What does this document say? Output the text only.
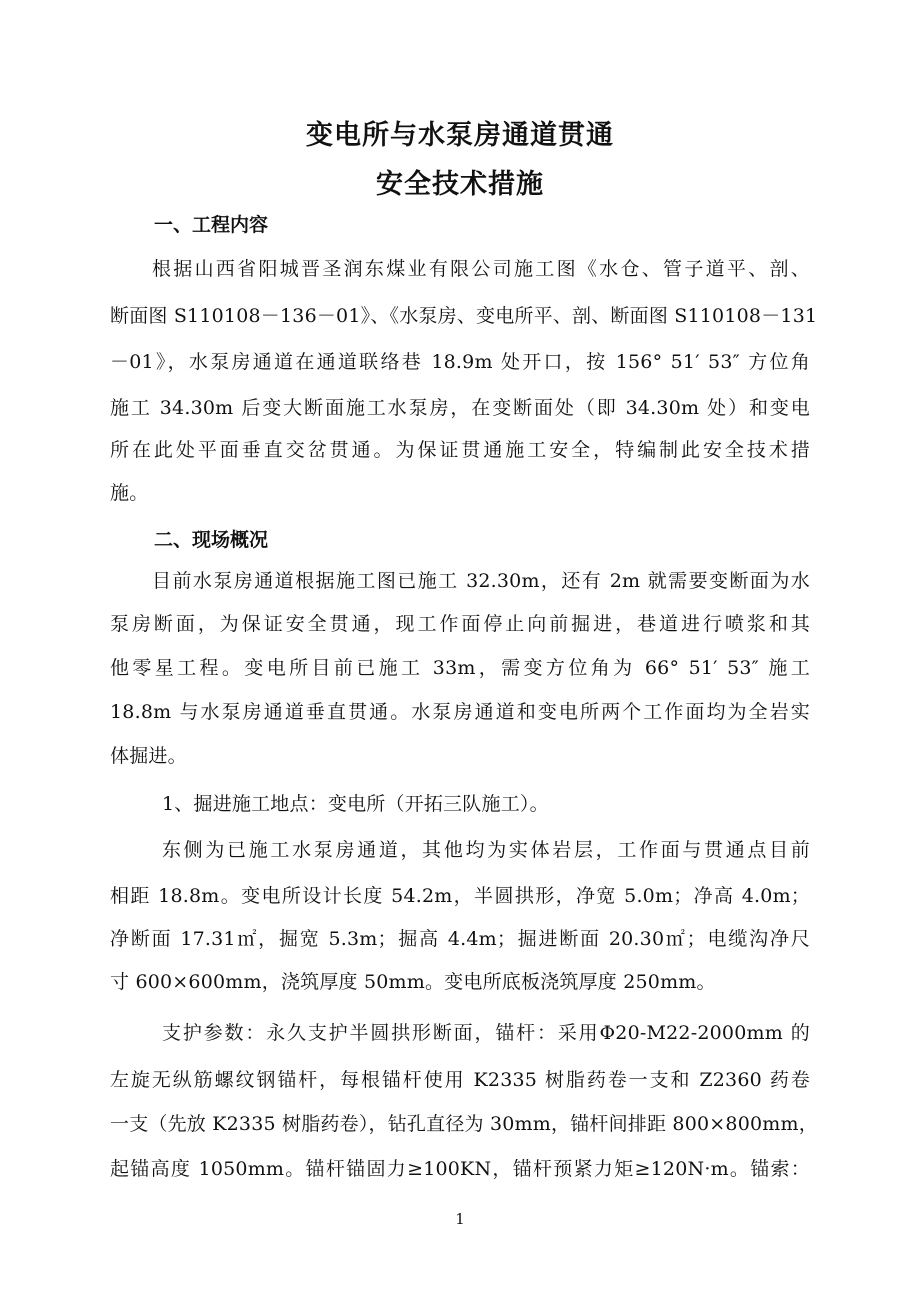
变电所与水泵房通道贯通
安全技术措施
一、工程内容
根据山西省阳城晋圣润东煤业有限公司施工图《水仓、管子道平、剖、
断面图 S110108－136－01》、《水泵房、变电所平、剖、断面图 S110108－131
－01》，水泵房通道在通道联络巷 18.9m 处开口，按 156° 51′ 53″ 方位角
施工 34.30m 后变大断面施工水泵房，在变断面处（即 34.30m 处）和变电
所在此处平面垂直交岔贯通。为保证贯通施工安全，特编制此安全技术措
施。
二、现场概况
目前水泵房通道根据施工图已施工 32.30m，还有 2m 就需要变断面为水
泵房断面，为保证安全贯通，现工作面停止向前掘进，巷道进行喷浆和其
他零星工程。变电所目前已施工 33m，需变方位角为 66° 51′ 53″ 施工
18.8m 与水泵房通道垂直贯通。水泵房通道和变电所两个工作面均为全岩实
体掘进。
1、掘进施工地点：变电所（开拓三队施工）。
东侧为已施工水泵房通道，其他均为实体岩层，工作面与贯通点目前
相距 18.8m。变电所设计长度 54.2m，半圆拱形，净宽 5.0m；净高 4.0m；
净断面 17.31㎡，掘宽 5.3m；掘高 4.4m；掘进断面 20.30㎡；电缆沟净尺
寸 600×600mm，浇筑厚度 50mm。变电所底板浇筑厚度 250mm。
支护参数：永久支护半圆拱形断面，锚杆：采用Φ20-M22-2000mm 的
左旋无纵筋螺纹钢锚杆，每根锚杆使用 K2335 树脂药卷一支和 Z2360 药卷
一支（先放 K2335 树脂药卷），钻孔直径为 30mm，锚杆间排距 800×800mm，
起锚高度 1050mm。锚杆锚固力≥100KN，锚杆预紧力矩≥120N·m。锚索：
1
